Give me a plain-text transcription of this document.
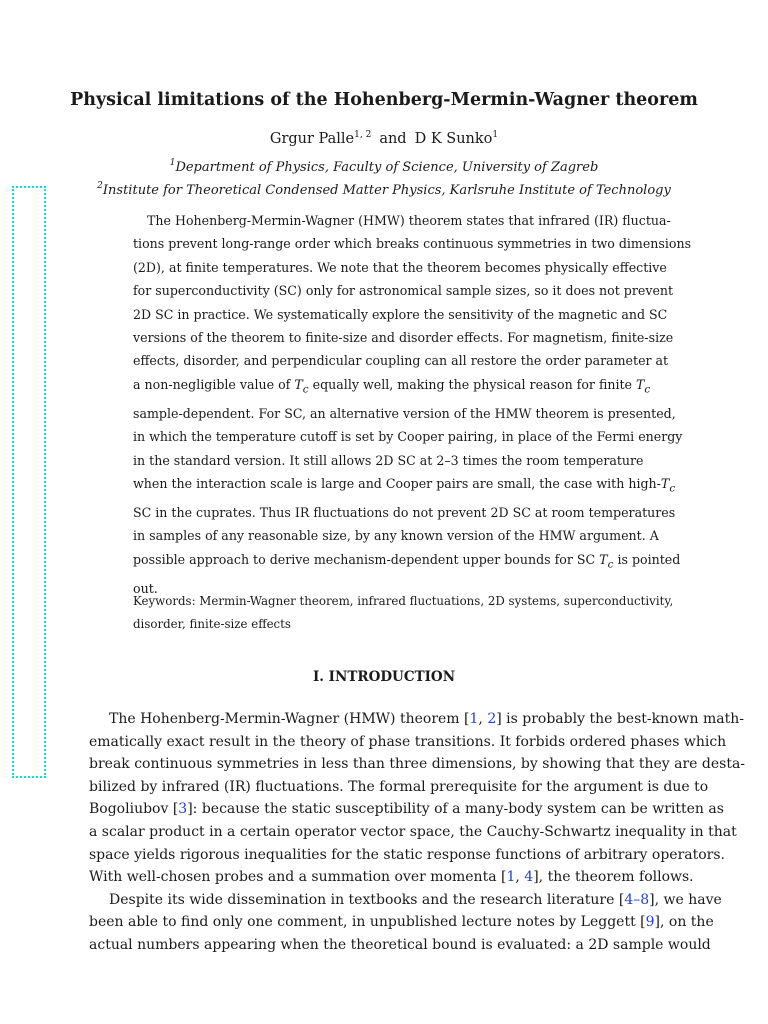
Physical limitations of the Hohenberg-Mermin-Wagner theorem
Grgur Palle$^{1, 2}$ and D K Sunko$^1$
$^1$Department of Physics, Faculty of Science, University of Zagreb
$^2$Institute for Theoretical Condensed Matter Physics, Karlsruhe Institute of Technology
The Hohenberg-Mermin-Wagner (HMW) theorem states that infrared (IR) fluctua-
tions prevent long-range order which breaks continuous symmetries in two dimensions
(2D), at finite temperatures. We note that the theorem becomes physically effective
for superconductivity (SC) only for astronomical sample sizes, so it does not prevent
2D SC in practice. We systematically explore the sensitivity of the magnetic and SC
versions of the theorem to finite-size and disorder effects. For magnetism, finite-size
effects, disorder, and perpendicular coupling can all restore the order parameter at
a non-negligible value of $T_c$ equally well, making the physical reason for finite $T_c$
sample-dependent. For SC, an alternative version of the HMW theorem is presented,
in which the temperature cutoff is set by Cooper pairing, in place of the Fermi energy
in the standard version. It still allows 2D SC at 2–3 times the room temperature
when the interaction scale is large and Cooper pairs are small, the case with high-$T_c$
SC in the cuprates. Thus IR fluctuations do not prevent 2D SC at room temperatures
in samples of any reasonable size, by any known version of the HMW argument. A
possible approach to derive mechanism-dependent upper bounds for SC $T_c$ is pointed
out.
Keywords: Mermin-Wagner theorem, infrared fluctuations, 2D systems, superconductivity,
disorder, finite-size effects
I. INTRODUCTION
The Hohenberg-Mermin-Wagner (HMW) theorem [1, 2] is probably the best-known math-
ematically exact result in the theory of phase transitions. It forbids ordered phases which
break continuous symmetries in less than three dimensions, by showing that they are desta-
bilized by infrared (IR) fluctuations. The formal prerequisite for the argument is due to
Bogoliubov [3]: because the static susceptibility of a many-body system can be written as
a scalar product in a certain operator vector space, the Cauchy-Schwartz inequality in that
space yields rigorous inequalities for the static response functions of arbitrary operators.
With well-chosen probes and a summation over momenta [1, 4], the theorem follows.
Despite its wide dissemination in textbooks and the research literature [4–8], we have
been able to find only one comment, in unpublished lecture notes by Leggett [9], on the
actual numbers appearing when the theoretical bound is evaluated: a 2D sample would
